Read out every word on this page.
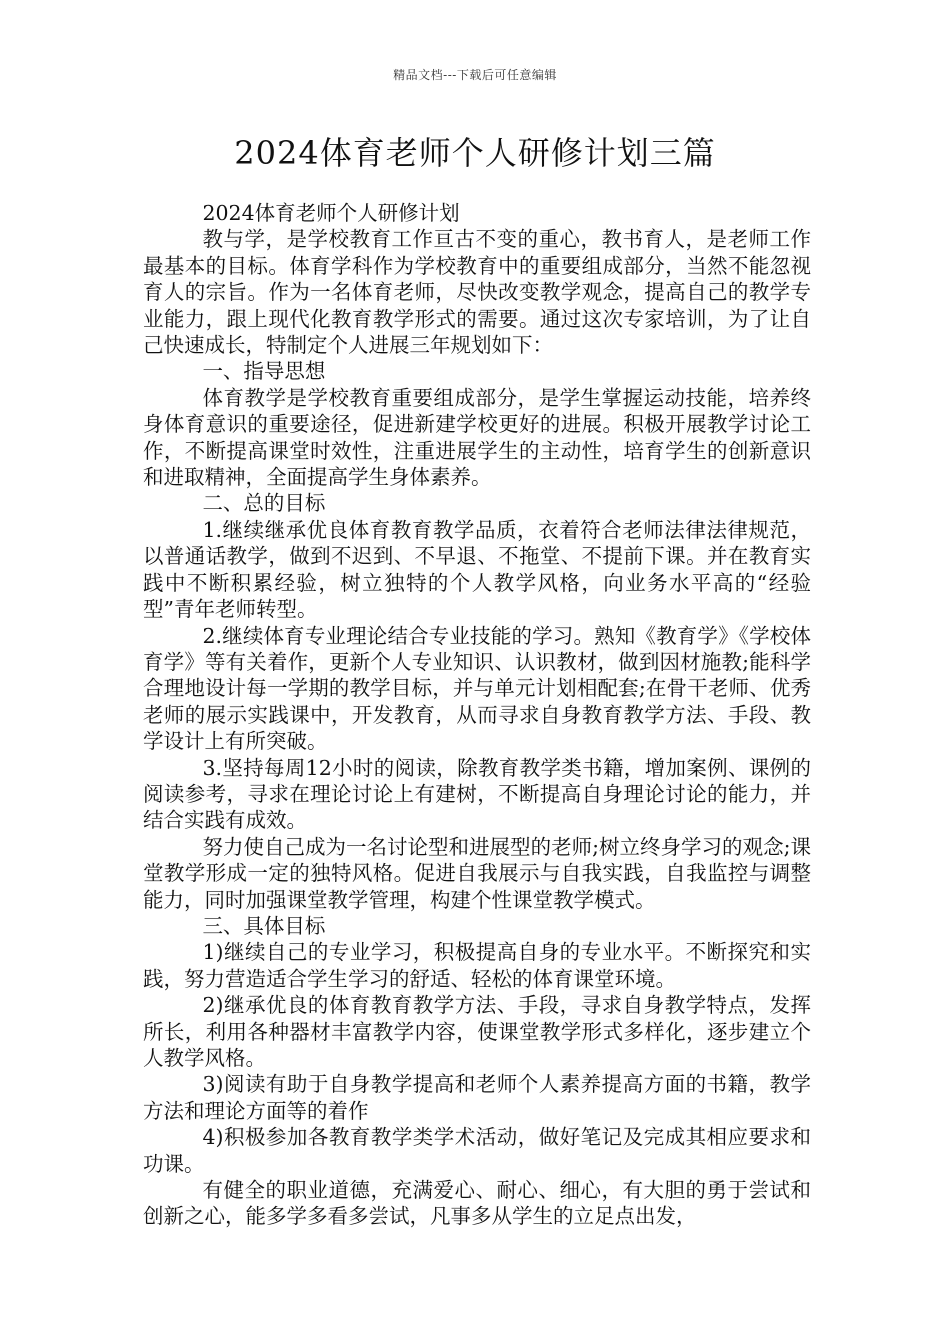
精品文档---下载后可任意编辑
2024体育老师个人研修计划三篇

2024体育老师个人研修计划

教与学，是学校教育工作亘古不变的重心，教书育人，是老师工作最基本的目标。体育学科作为学校教育中的重要组成部分，当然不能忽视育人的宗旨。作为一名体育老师，尽快改变教学观念，提高自己的教学专业能力，跟上现代化教育教学形式的需要。通过这次专家培训，为了让自己快速成长，特制定个人进展三年规划如下：

一、指导思想

体育教学是学校教育重要组成部分，是学生掌握运动技能，培养终身体育意识的重要途径，促进新建学校更好的进展。积极开展教学讨论工作，不断提高课堂时效性，注重进展学生的主动性，培育学生的创新意识和进取精神，全面提高学生身体素养。

二、总的目标

1.继续继承优良体育教育教学品质，衣着符合老师法律法律规范，以普通话教学，做到不迟到、不早退、不拖堂、不提前下课。并在教育实践中不断积累经验，树立独特的个人教学风格，向业务水平高的“经验型”青年老师转型。

2.继续体育专业理论结合专业技能的学习。熟知《教育学》《学校体育学》等有关着作，更新个人专业知识、认识教材，做到因材施教;能科学合理地设计每一学期的教学目标，并与单元计划相配套;在骨干老师、优秀老师的展示实践课中，开发教育，从而寻求自身教育教学方法、手段、教学设计上有所突破。

3.坚持每周12小时的阅读，除教育教学类书籍，增加案例、课例的阅读参考，寻求在理论讨论上有建树，不断提高自身理论讨论的能力，并结合实践有成效。

努力使自己成为一名讨论型和进展型的老师;树立终身学习的观念;课堂教学形成一定的独特风格。促进自我展示与自我实践，自我监控与调整能力，同时加强课堂教学管理，构建个性课堂教学模式。

三、具体目标

1)继续自己的专业学习，积极提高自身的专业水平。不断探究和实践，努力营造适合学生学习的舒适、轻松的体育课堂环境。

2)继承优良的体育教育教学方法、手段，寻求自身教学特点，发挥所长，利用各种器材丰富教学内容，使课堂教学形式多样化，逐步建立个人教学风格。

3)阅读有助于自身教学提高和老师个人素养提高方面的书籍，教学方法和理论方面等的着作

4)积极参加各教育教学类学术活动，做好笔记及完成其相应要求和功课。

有健全的职业道德，充满爱心、耐心、细心，有大胆的勇于尝试和创新之心，能多学多看多尝试，凡事多从学生的立足点出发，
